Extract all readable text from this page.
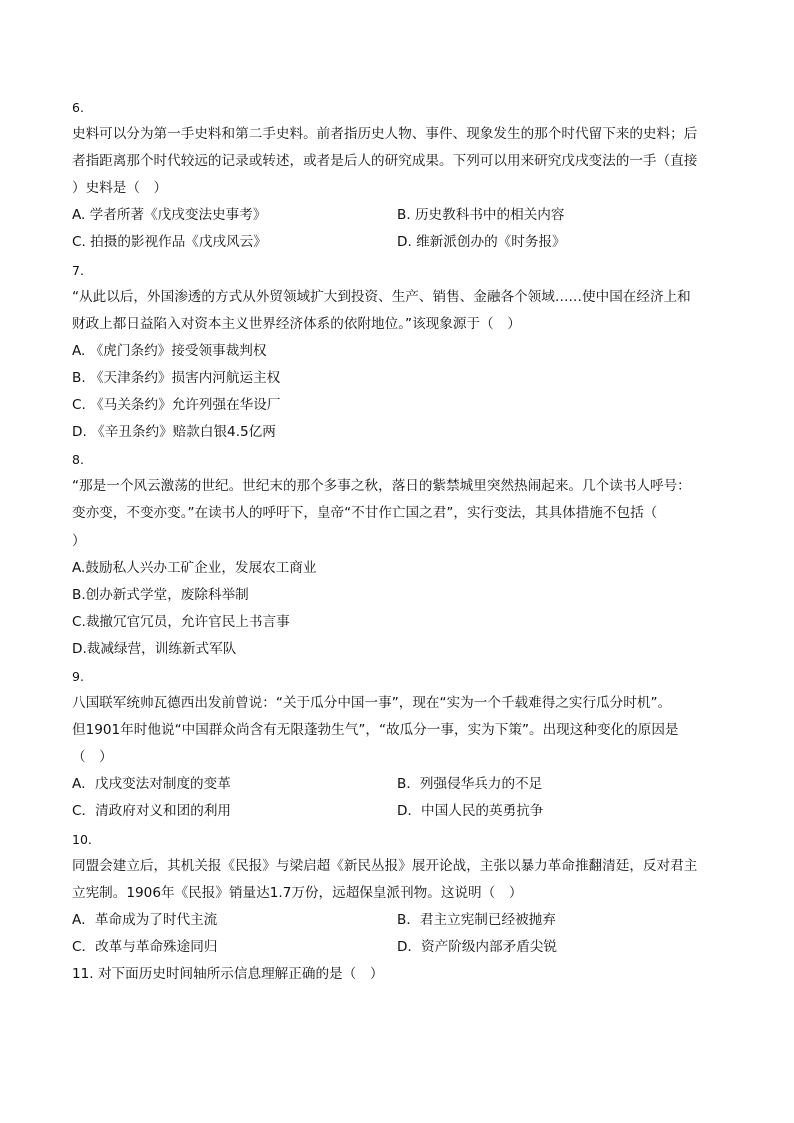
6.
史料可以分为第一手史料和第二手史料。前者指历史人物、事件、现象发生的那个时代留下来的史料；后
者指距离那个时代较远的记录或转述，或者是后人的研究成果。下列可以用来研究戊戌变法的一手（直接
）史料是（　）
A. 学者所著《戊戌变法史事考》	B. 历史教科书中的相关内容
C. 拍摄的影视作品《戊戌风云》	D. 维新派创办的《时务报》
7.
“从此以后，外国渗透的方式从外贸领域扩大到投资、生产、销售、金融各个领域……使中国在经济上和
财政上都日益陷入对资本主义世界经济体系的依附地位。”该现象源于（　）
A. 《虎门条约》接受领事裁判权
B. 《天津条约》损害内河航运主权
C. 《马关条约》允许列强在华设厂
D. 《辛丑条约》赔款白银4.5亿两
8.
“那是一个风云激荡的世纪。世纪末的那个多事之秋，落日的紫禁城里突然热闹起来。几个读书人呼号：
变亦变，不变亦变。”在读书人的呼吁下，皇帝“不甘作亡国之君”，实行变法，其具体措施不包括（
）
A.鼓励私人兴办工矿企业，发展农工商业
B.创办新式学堂，废除科举制
C.裁撤冗官冗员，允许官民上书言事
D.裁减绿营，训练新式军队
9.
八国联军统帅瓦德西出发前曾说：“关于瓜分中国一事”，现在“实为一个千载难得之实行瓜分时机”。
但1901年时他说“中国群众尚含有无限蓬勃生气”，“故瓜分一事，实为下策”。出现这种变化的原因是
（　）
A．戊戌变法对制度的变革	B．列强侵华兵力的不足
C．清政府对义和团的利用	D．中国人民的英勇抗争
10.
同盟会建立后，其机关报《民报》与梁启超《新民丛报》展开论战，主张以暴力革命推翻清廷，反对君主
立宪制。1906年《民报》销量达1.7万份，远超保皇派刊物。这说明（　）
A．革命成为了时代主流	B．君主立宪制已经被抛弃
C．改革与革命殊途同归	D．资产阶级内部矛盾尖锐
11. 对下面历史时间轴所示信息理解正确的是（　）
